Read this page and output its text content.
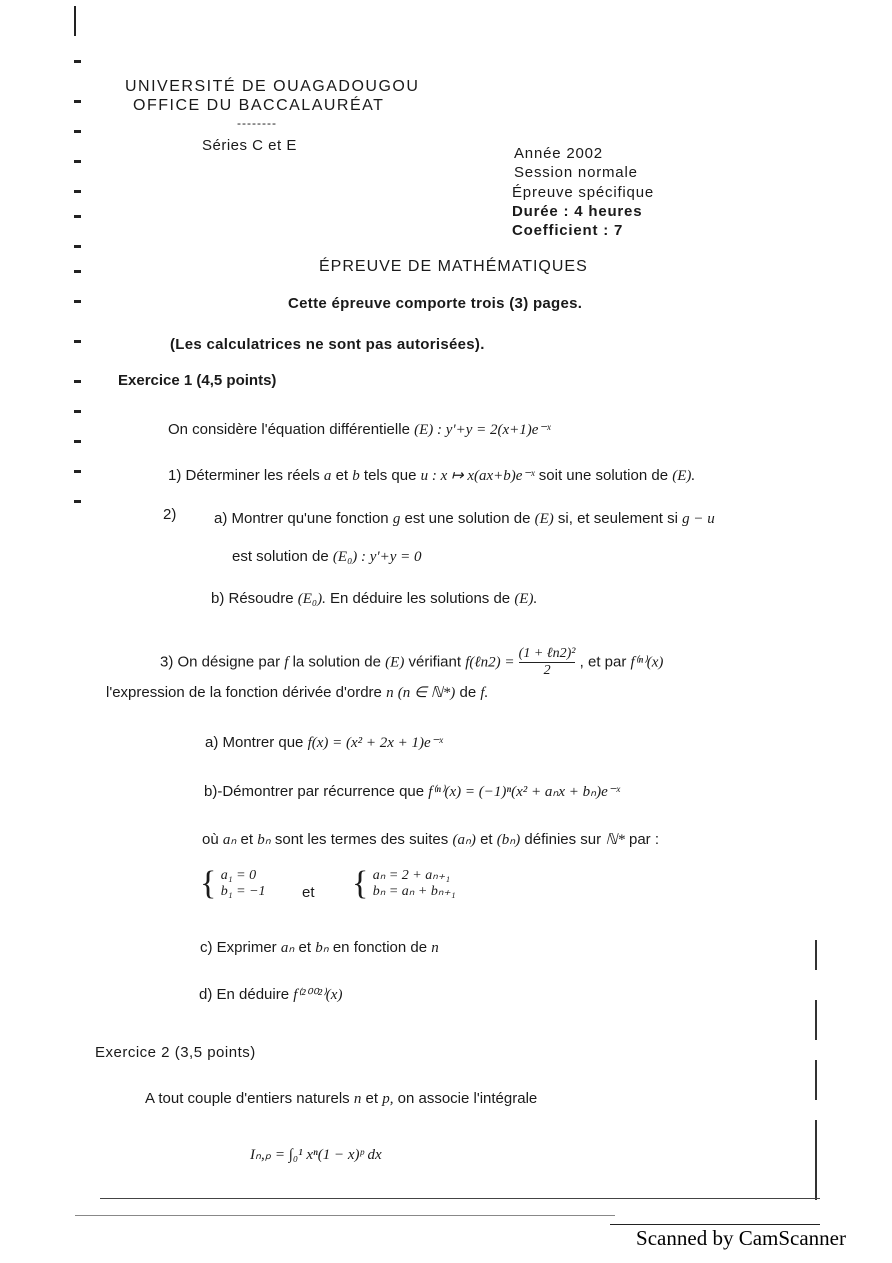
UNIVERSITÉ DE OUAGADOUGOU
OFFICE DU BACCALAURÉAT
--------
Séries C et E	Année 2002
Session normale
Épreuve spécifique
Durée : 4 heures
Coefficient : 7
ÉPREUVE DE MATHÉMATIQUES
Cette épreuve comporte trois (3) pages.
(Les calculatrices ne sont pas autorisées).
Exercice 1 (4,5 points)
On considère l'équation différentielle (E) : y'+y = 2(x+1)e⁻ˣ
1) Déterminer les réels a et b tels que u : x ↦ x(ax+b)e⁻ˣ soit une solution de (E).
2)	a) Montrer qu'une fonction g est une solution de (E) si, et seulement si g − u
est solution de (E₀) : y'+y = 0
b) Résoudre (E₀). En déduire les solutions de (E).
3) On désigne par f la solution de (E) vérifiant f(ℓn2) =
(1 + ℓn2)²
2
, et par f⁽ⁿ⁾(x)
l'expression de la fonction dérivée d'ordre n (n ∈ ℕ*) de f.
a) Montrer que f(x) = (x² + 2x + 1)e⁻ˣ
b)-Démontrer par récurrence que f⁽ⁿ⁾(x) = (−1)ⁿ(x² + aₙx + bₙ)e⁻ˣ
où aₙ et bₙ sont les termes des suites (aₙ) et (bₙ) définies sur ℕ* par :
{ a₁ = 0
b₁ = −1 et { aₙ = 2 + aₙ₊₁
bₙ = aₙ + bₙ₊₁
c) Exprimer aₙ et bₙ en fonction de n
d) En déduire f⁽²⁰⁰²⁾(x)
Exercice 2 (3,5 points)
A tout couple d'entiers naturels n et p, on associe l'intégrale
Iₙ,ₚ = ∫₀¹ xⁿ(1 − x)ᵖ dx
Scanned by CamScanner
